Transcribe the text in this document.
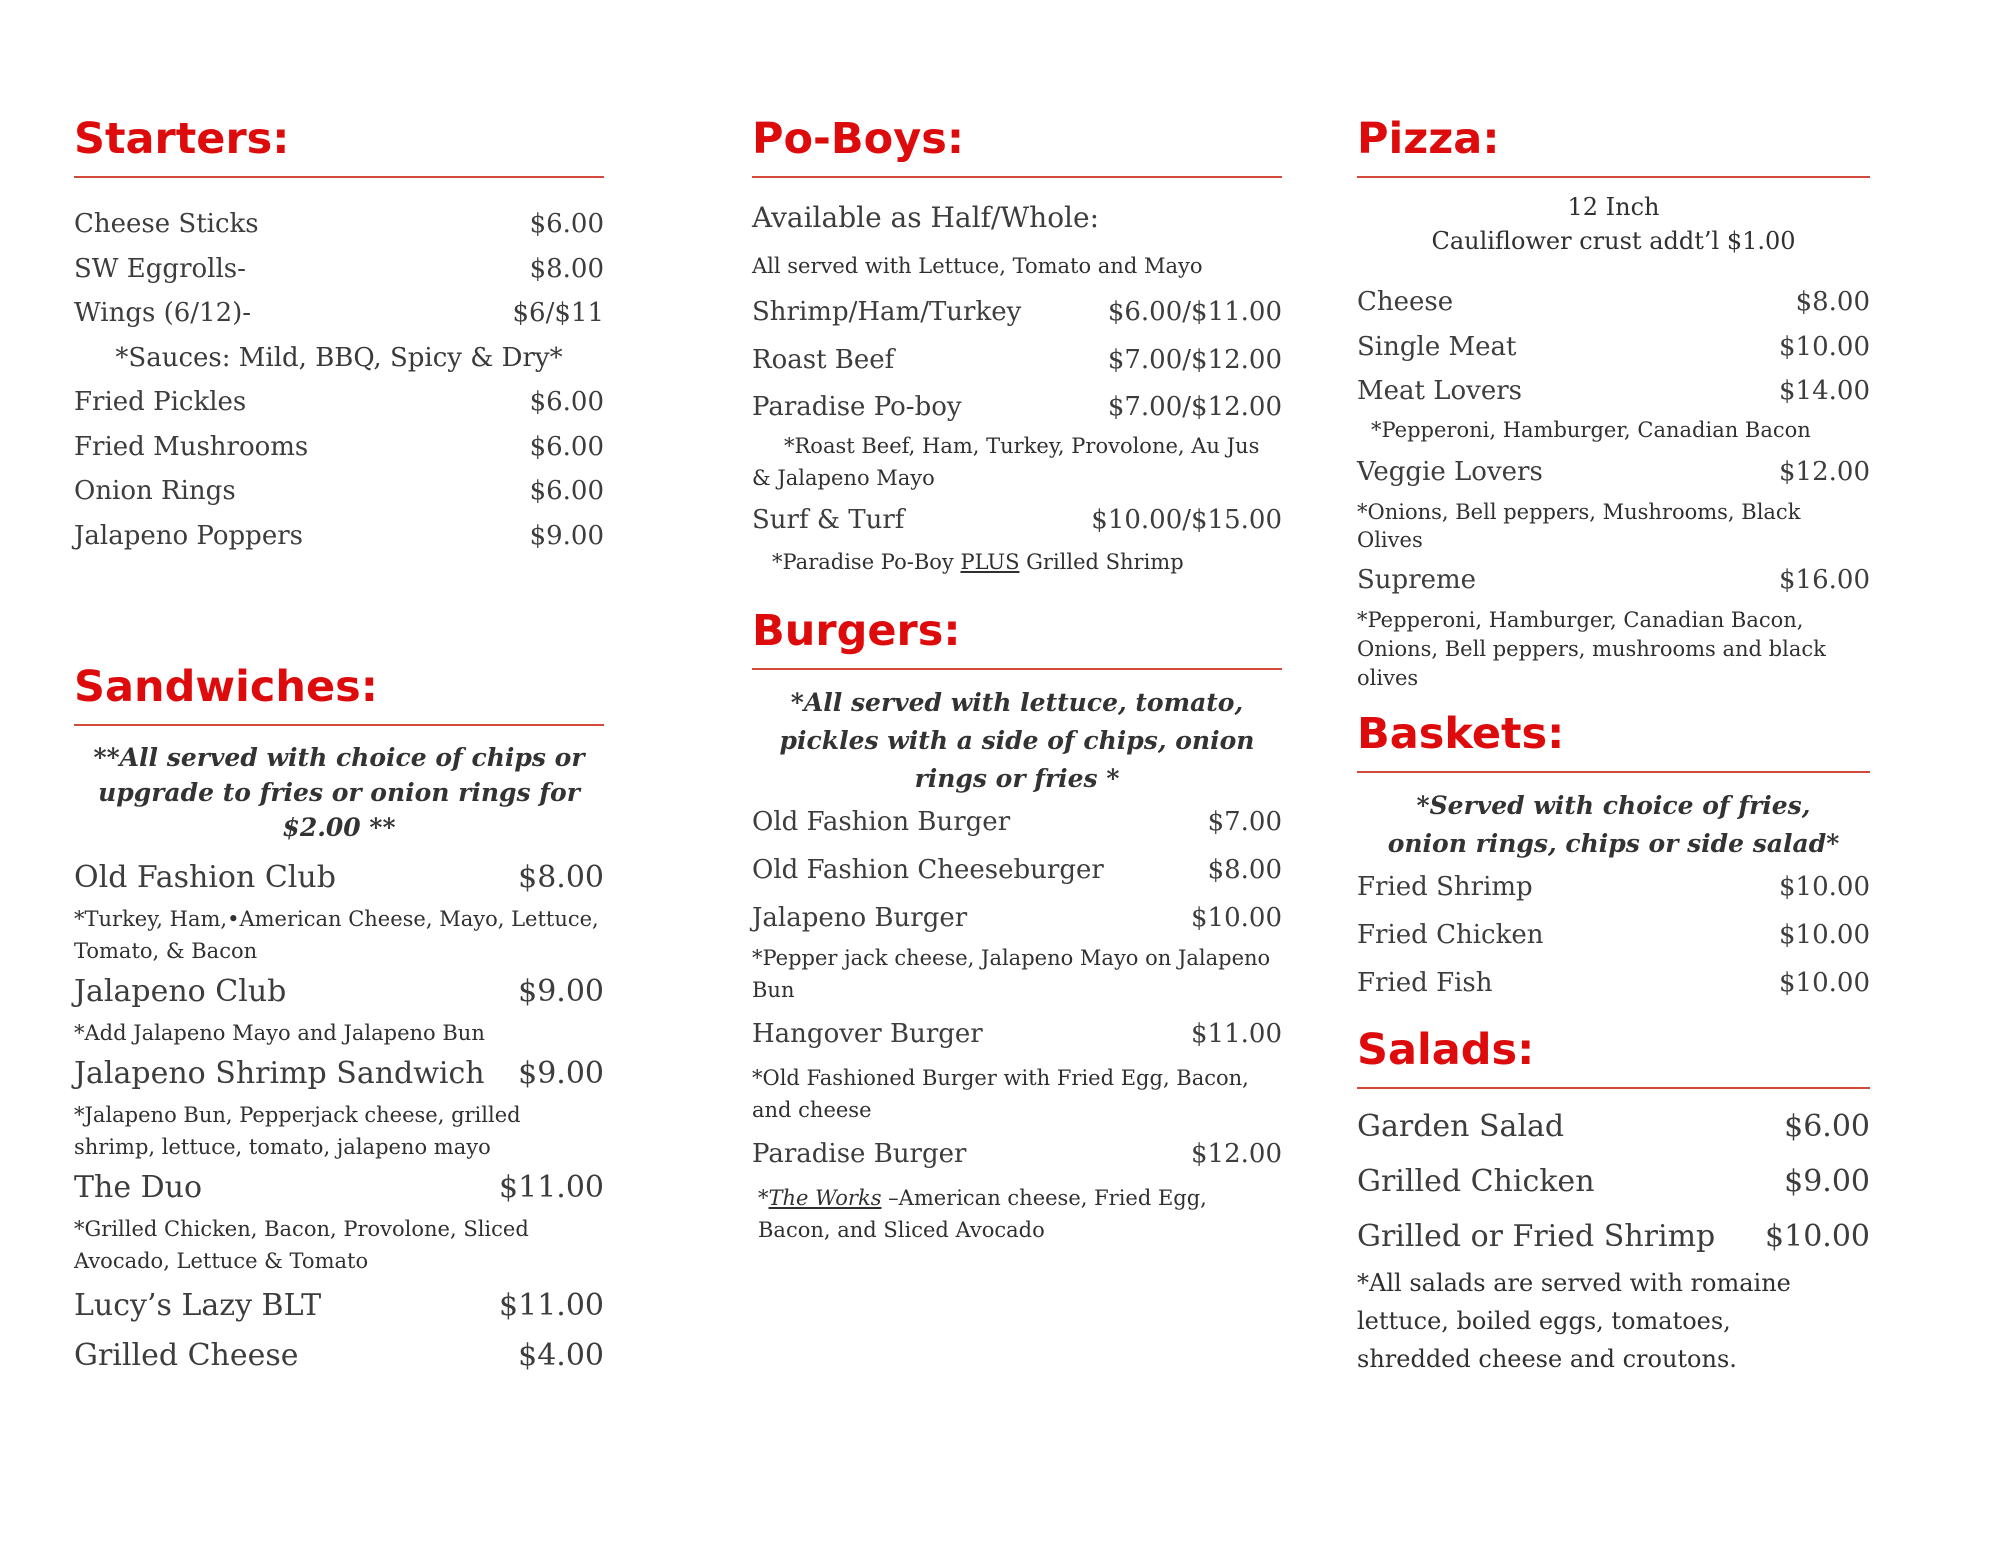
Starters:
Cheese Sticks	$6.00
SW Eggrolls-	$8.00
Wings (6/12)-	$6/$11
*Sauces: Mild, BBQ, Spicy & Dry*
Fried Pickles	$6.00
Fried Mushrooms	$6.00
Onion Rings	$6.00
Jalapeno Poppers	$9.00
Sandwiches:
**All served with choice of chips or upgrade to fries or onion rings for $2.00 **
Old Fashion Club	$8.00
*Turkey, Ham,•American Cheese, Mayo, Lettuce, Tomato, & Bacon
Jalapeno Club	$9.00
*Add Jalapeno Mayo and Jalapeno Bun
Jalapeno Shrimp Sandwich $9.00
*Jalapeno Bun, Pepperjack cheese, grilled shrimp, lettuce, tomato, jalapeno mayo
The Duo	$11.00
*Grilled Chicken, Bacon, Provolone, Sliced Avocado, Lettuce & Tomato
Lucy’s Lazy BLT	$11.00
Grilled Cheese	$4.00
Po-Boys:
Available as Half/Whole:
All served with Lettuce, Tomato and Mayo
Shrimp/Ham/Turkey	$6.00/$11.00
Roast Beef	$7.00/$12.00
Paradise Po-boy	$7.00/$12.00
*Roast Beef, Ham, Turkey, Provolone, Au Jus & Jalapeno Mayo
Surf & Turf	$10.00/$15.00
*Paradise Po-Boy PLUS Grilled Shrimp
Burgers:
*All served with lettuce, tomato, pickles with a side of chips, onion rings or fries *
Old Fashion Burger	$7.00
Old Fashion Cheeseburger	$8.00
Jalapeno Burger	$10.00
*Pepper jack cheese, Jalapeno Mayo on Jalapeno Bun
Hangover Burger	$11.00
*Old Fashioned Burger with Fried Egg, Bacon, and cheese
Paradise Burger	$12.00
*The Works –American cheese, Fried Egg, Bacon, and Sliced Avocado
Pizza:
12 Inch
Cauliflower crust addt’l $1.00
Cheese	$8.00
Single Meat	$10.00
Meat Lovers	$14.00
*Pepperoni, Hamburger, Canadian Bacon
Veggie Lovers	$12.00
*Onions, Bell peppers, Mushrooms, Black Olives
Supreme	$16.00
*Pepperoni, Hamburger, Canadian Bacon, Onions, Bell peppers, mushrooms and black olives
Baskets:
*Served with choice of fries, onion rings, chips or side salad*
Fried Shrimp	$10.00
Fried Chicken	$10.00
Fried Fish	$10.00
Salads:
Garden Salad	$6.00
Grilled Chicken	$9.00
Grilled or Fried Shrimp $10.00
*All salads are served with romaine lettuce, boiled eggs, tomatoes, shredded cheese and croutons.
